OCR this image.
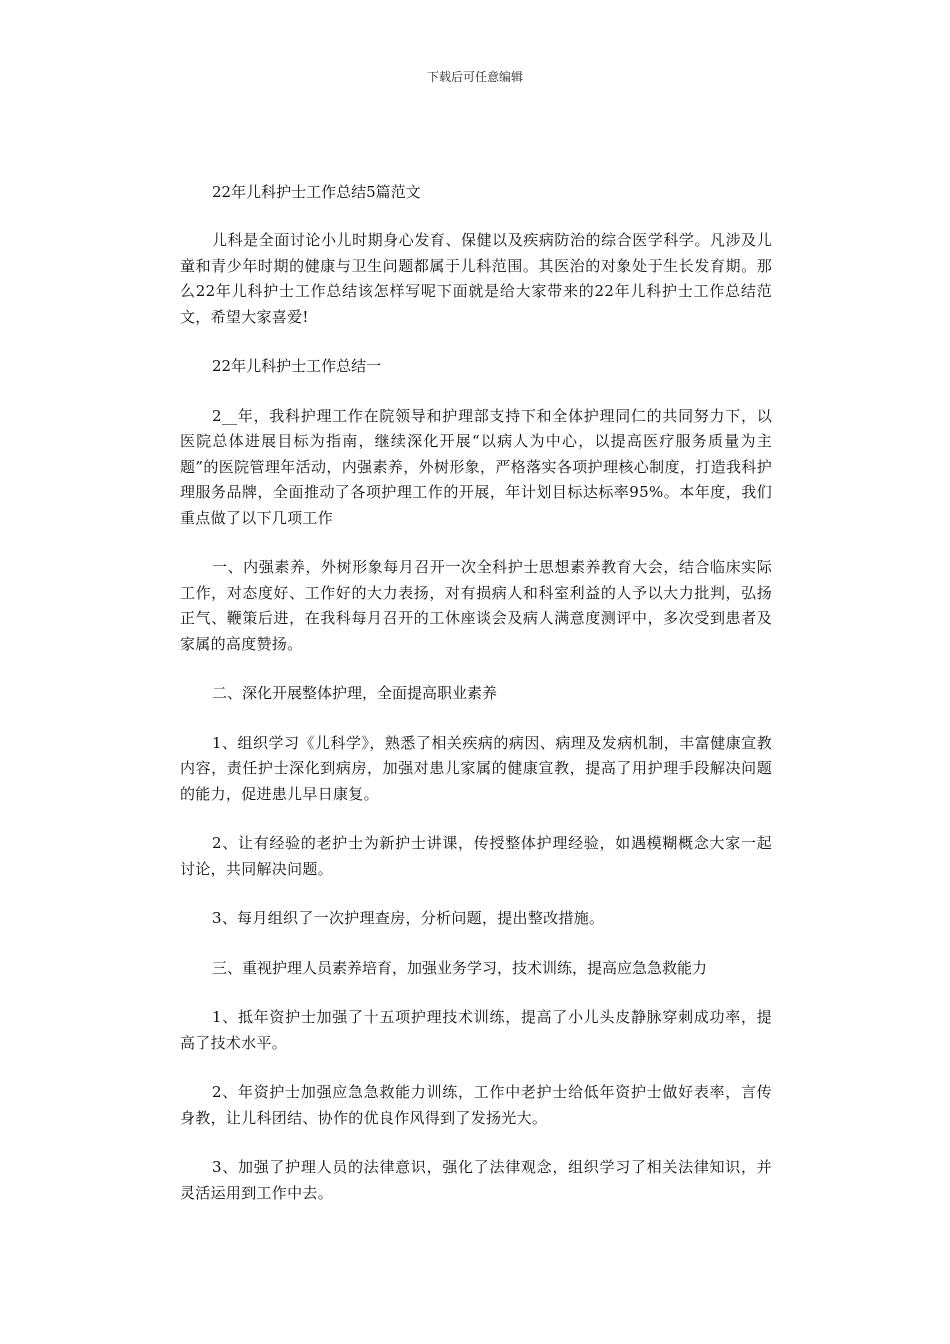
下载后可任意编辑
22年儿科护士工作总结5篇范文

儿科是全面讨论小儿时期身心发育、保健以及疾病防治的综合医学科学。凡涉及儿童和青少年时期的健康与卫生问题都属于儿科范围。其医治的对象处于生长发育期。那么22年儿科护士工作总结该怎样写呢下面就是给大家带来的22年儿科护士工作总结范文，希望大家喜爱!

22年儿科护士工作总结一

2__年，我科护理工作在院领导和护理部支持下和全体护理同仁的共同努力下，以医院总体进展目标为指南，继续深化开展“以病人为中心，以提高医疗服务质量为主题”的医院管理年活动，内强素养，外树形象，严格落实各项护理核心制度，打造我科护理服务品牌，全面推动了各项护理工作的开展，年计划目标达标率95%。本年度，我们重点做了以下几项工作

一、内强素养，外树形象每月召开一次全科护士思想素养教育大会，结合临床实际工作，对态度好、工作好的大力表扬，对有损病人和科室利益的人予以大力批判，弘扬正气、鞭策后进，在我科每月召开的工休座谈会及病人满意度测评中，多次受到患者及家属的高度赞扬。

二、深化开展整体护理，全面提高职业素养

1、组织学习《儿科学》，熟悉了相关疾病的病因、病理及发病机制，丰富健康宣教内容，责任护士深化到病房，加强对患儿家属的健康宣教，提高了用护理手段解决问题的能力，促进患儿早日康复。

2、让有经验的老护士为新护士讲课，传授整体护理经验，如遇模糊概念大家一起讨论，共同解决问题。

3、每月组织了一次护理查房，分析问题，提出整改措施。

三、重视护理人员素养培育，加强业务学习，技术训练，提高应急急救能力

1、抵年资护士加强了十五项护理技术训练，提高了小儿头皮静脉穿刺成功率，提高了技术水平。

2、年资护士加强应急急救能力训练，工作中老护士给低年资护士做好表率，言传身教，让儿科团结、协作的优良作风得到了发扬光大。

3、加强了护理人员的法律意识，强化了法律观念，组织学习了相关法律知识，并灵活运用到工作中去。
